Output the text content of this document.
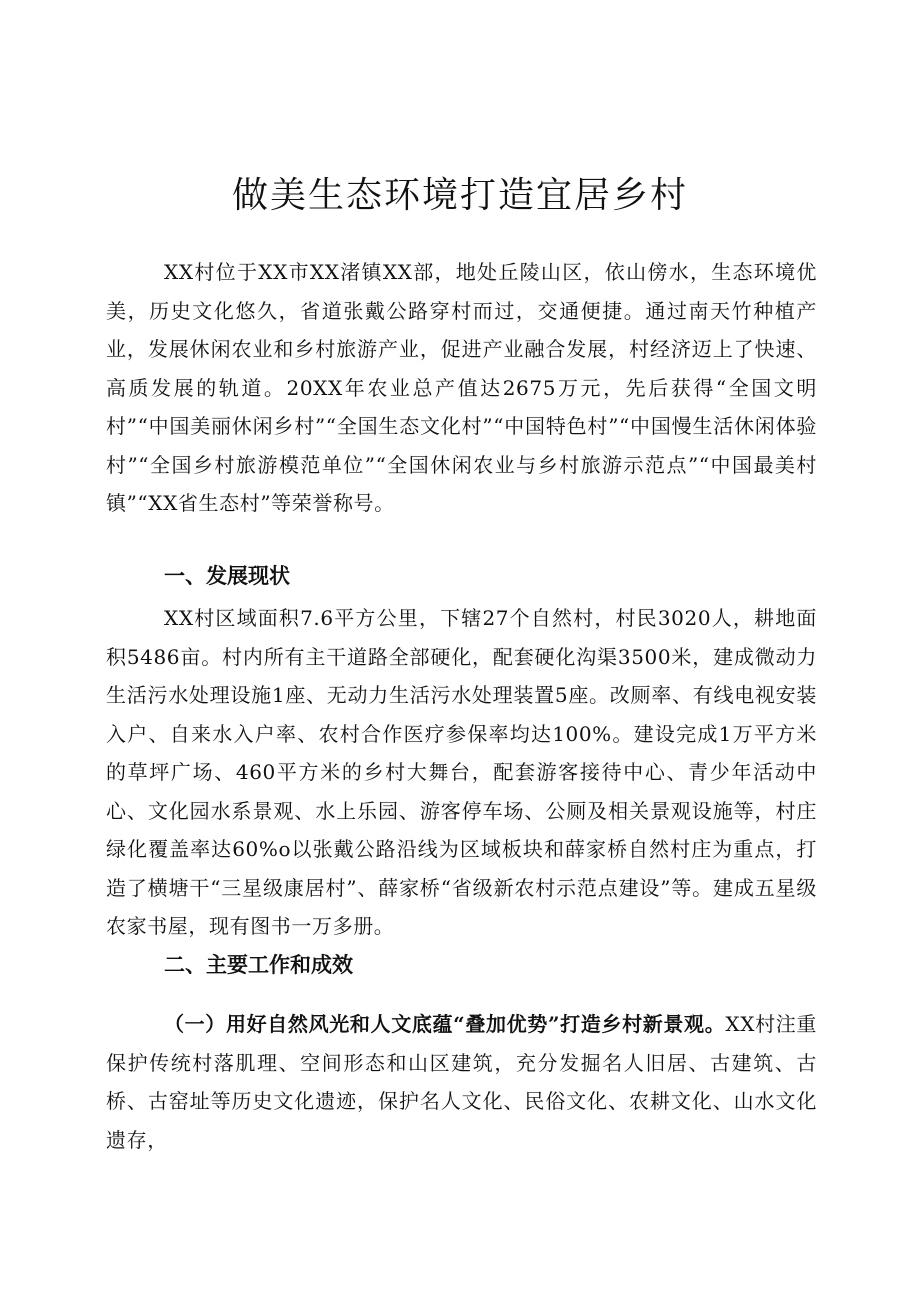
做美生态环境打造宜居乡村

XX村位于XX市XX渚镇XX部，地处丘陵山区，依山傍水，生态环境优美，历史文化悠久，省道张戴公路穿村而过，交通便捷。通过南天竹种植产业，发展休闲农业和乡村旅游产业，促进产业融合发展，村经济迈上了快速、高质发展的轨道。20XX年农业总产值达2675万元，先后获得“全国文明村”“中国美丽休闲乡村”“全国生态文化村”“中国特色村”“中国慢生活休闲体验村”“全国乡村旅游模范单位”“全国休闲农业与乡村旅游示范点”“中国最美村镇”“XX省生态村”等荣誉称号。

一、发展现状

XX村区域面积7.6平方公里，下辖27个自然村，村民3020人，耕地面积5486亩。村内所有主干道路全部硬化，配套硬化沟渠3500米，建成微动力生活污水处理设施1座、无动力生活污水处理装置5座。改厕率、有线电视安装入户、自来水入户率、农村合作医疗参保率均达100%。建设完成1万平方米的草坪广场、460平方米的乡村大舞台，配套游客接待中心、青少年活动中心、文化园水系景观、水上乐园、游客停车场、公厕及相关景观设施等，村庄绿化覆盖率达60%o以张戴公路沿线为区域板块和薛家桥自然村庄为重点，打造了横塘干“三星级康居村”、薛家桥“省级新农村示范点建设”等。建成五星级农家书屋，现有图书一万多册。

二、主要工作和成效

（一）用好自然风光和人文底蕴“叠加优势”打造乡村新景观。XX村注重保护传统村落肌理、空间形态和山区建筑，充分发掘名人旧居、古建筑、古桥、古窑址等历史文化遗迹，保护名人文化、民俗文化、农耕文化、山水文化遗存，
